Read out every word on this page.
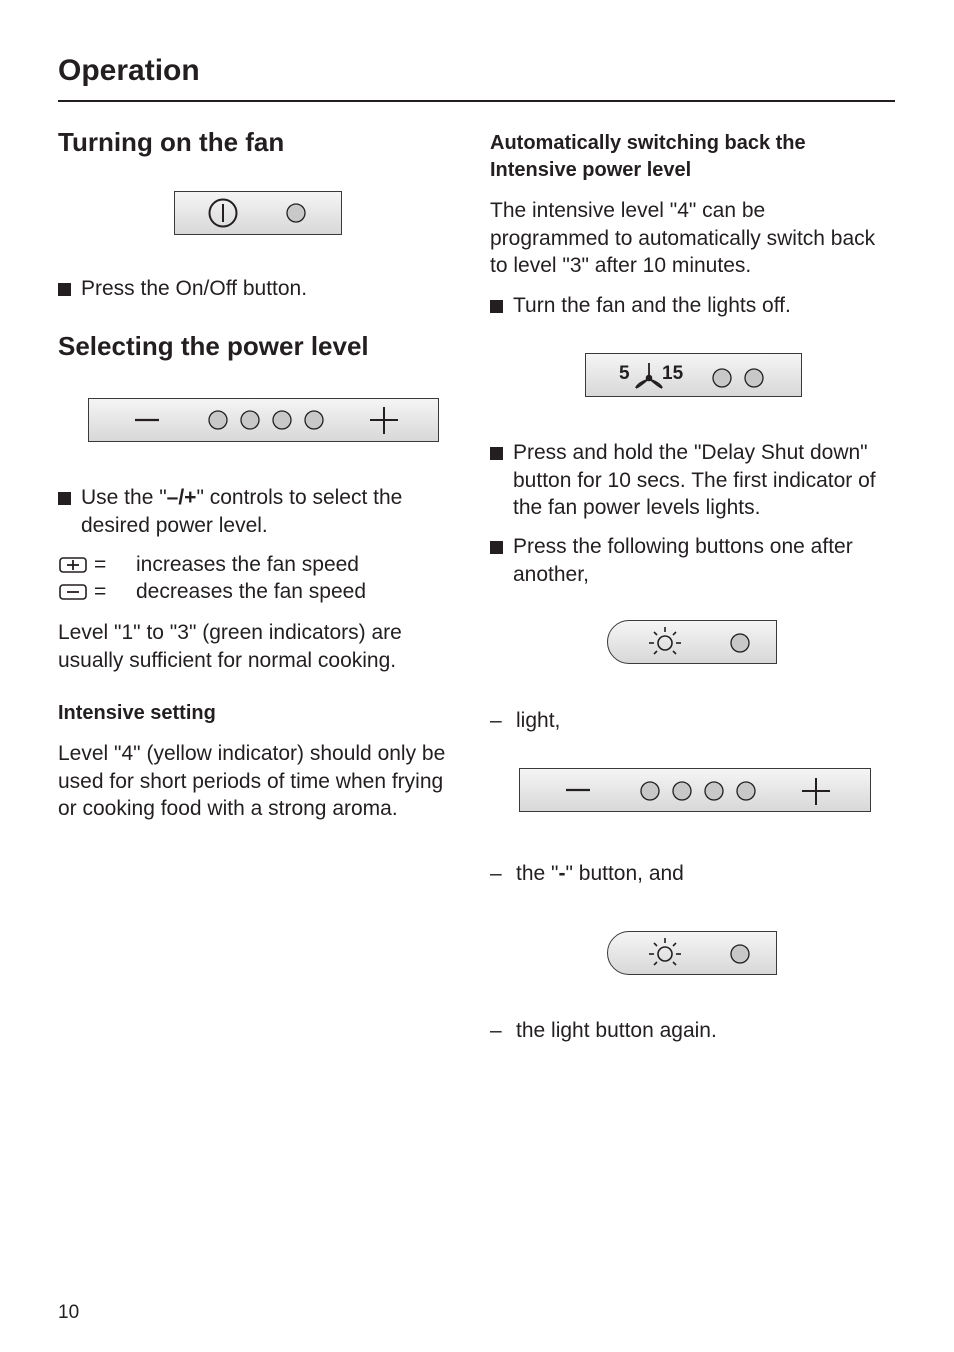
Operation
Turning on the fan

Press the On/Off button.

Selecting the power level

Use the "–/+" controls to select the desired power level.

= increases the fan speed
= decreases the fan speed

Level "1" to "3" (green indicators) are usually sufficient for normal cooking.

Intensive setting

Level "4" (yellow indicator) should only be used for short periods of time when frying or cooking food with a strong aroma.

Automatically switching back the Intensive power level

The intensive level "4" can be programmed to automatically switch back to level "3" after 10 minutes.

Turn the fan and the lights off.

5 15

Press and hold the "Delay Shut down" button for 10 secs. The first indicator of the fan power levels lights.

Press the following buttons one after another,

– light,

– the "-" button, and

– the light button again.

10
